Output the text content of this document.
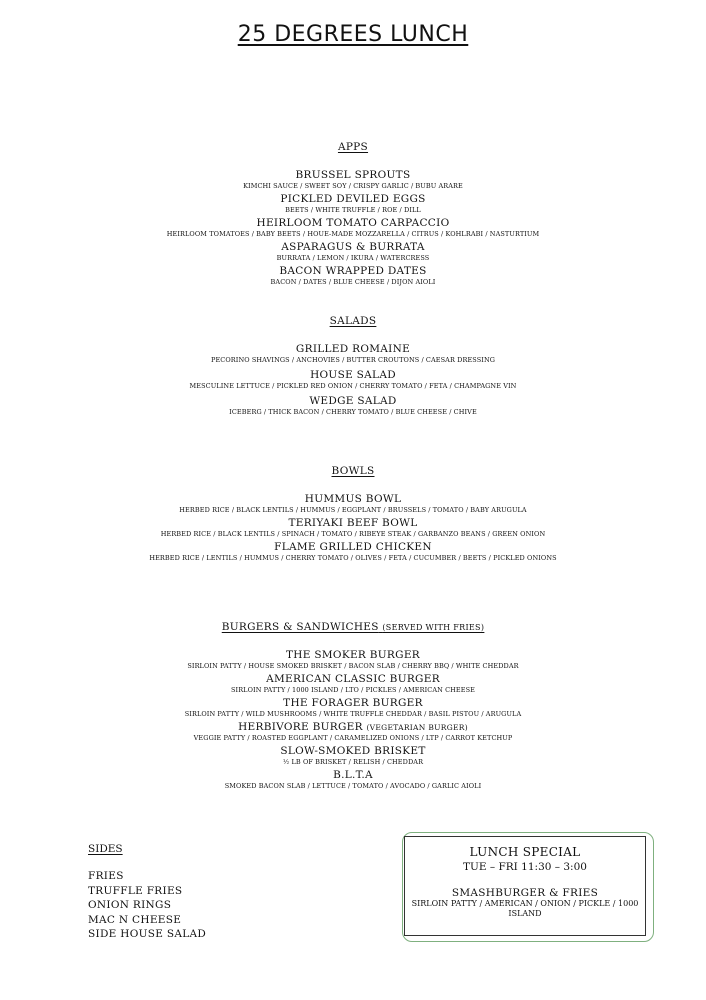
25 DEGREES LUNCH
APPS
BRUSSEL SPROUTS
KIMCHI SAUCE / SWEET SOY / CRISPY GARLIC / BUBU ARARE
PICKLED DEVILED EGGS
BEETS / WHITE TRUFFLE / ROE / DILL
HEIRLOOM TOMATO CARPACCIO
HEIRLOOM TOMATOES / BABY BEETS / HOUE-MADE MOZZARELLA / CITRUS / KOHLRABI / NASTURTIUM
ASPARAGUS & BURRATA
BURRATA / LEMON / IKURA / WATERCRESS
BACON WRAPPED DATES
BACON / DATES / BLUE CHEESE / DIJON AIOLI
SALADS
GRILLED ROMAINE
PECORINO SHAVINGS / ANCHOVIES / BUTTER CROUTONS / CAESAR DRESSING
HOUSE SALAD
MESCULINE LETTUCE / PICKLED RED ONION / CHERRY TOMATO / FETA / CHAMPAGNE VIN
WEDGE SALAD
ICEBERG / THICK BACON / CHERRY TOMATO / BLUE CHEESE / CHIVE
BOWLS
HUMMUS BOWL
HERBED RICE / BLACK LENTILS / HUMMUS / EGGPLANT / BRUSSELS / TOMATO / BABY ARUGULA
TERIYAKI BEEF BOWL
HERBED RICE / BLACK LENTILS / SPINACH / TOMATO / RIBEYE STEAK / GARBANZO BEANS / GREEN ONION
FLAME GRILLED CHICKEN
HERBED RICE / LENTILS / HUMMUS / CHERRY TOMATO / OLIVES / FETA / CUCUMBER / BEETS / PICKLED ONIONS
BURGERS & SANDWICHES (SERVED WITH FRIES)
THE SMOKER BURGER
SIRLOIN PATTY / HOUSE SMOKED BRISKET / BACON SLAB / CHERRY BBQ / WHITE CHEDDAR
AMERICAN CLASSIC BURGER
SIRLOIN PATTY / 1000 ISLAND / LTO / PICKLES / AMERICAN CHEESE
THE FORAGER BURGER
SIRLOIN PATTY / WILD MUSHROOMS / WHITE TRUFFLE CHEDDAR / BASIL PISTOU / ARUGULA
HERBIVORE BURGER (VEGETARIAN BURGER)
VEGGIE PATTY / ROASTED EGGPLANT / CARAMELIZED ONIONS / LTP / CARROT KETCHUP
SLOW-SMOKED BRISKET
½ LB OF BRISKET / RELISH / CHEDDAR
B.L.T.A
SMOKED BACON SLAB / LETTUCE / TOMATO / AVOCADO / GARLIC AIOLI
SIDES
FRIES
TRUFFLE FRIES
ONION RINGS
MAC N CHEESE
SIDE HOUSE SALAD
LUNCH SPECIAL
TUE – FRI 11:30 – 3:00
SMASHBURGER & FRIES
SIRLOIN PATTY / AMERICAN / ONION / PICKLE / 1000 ISLAND
